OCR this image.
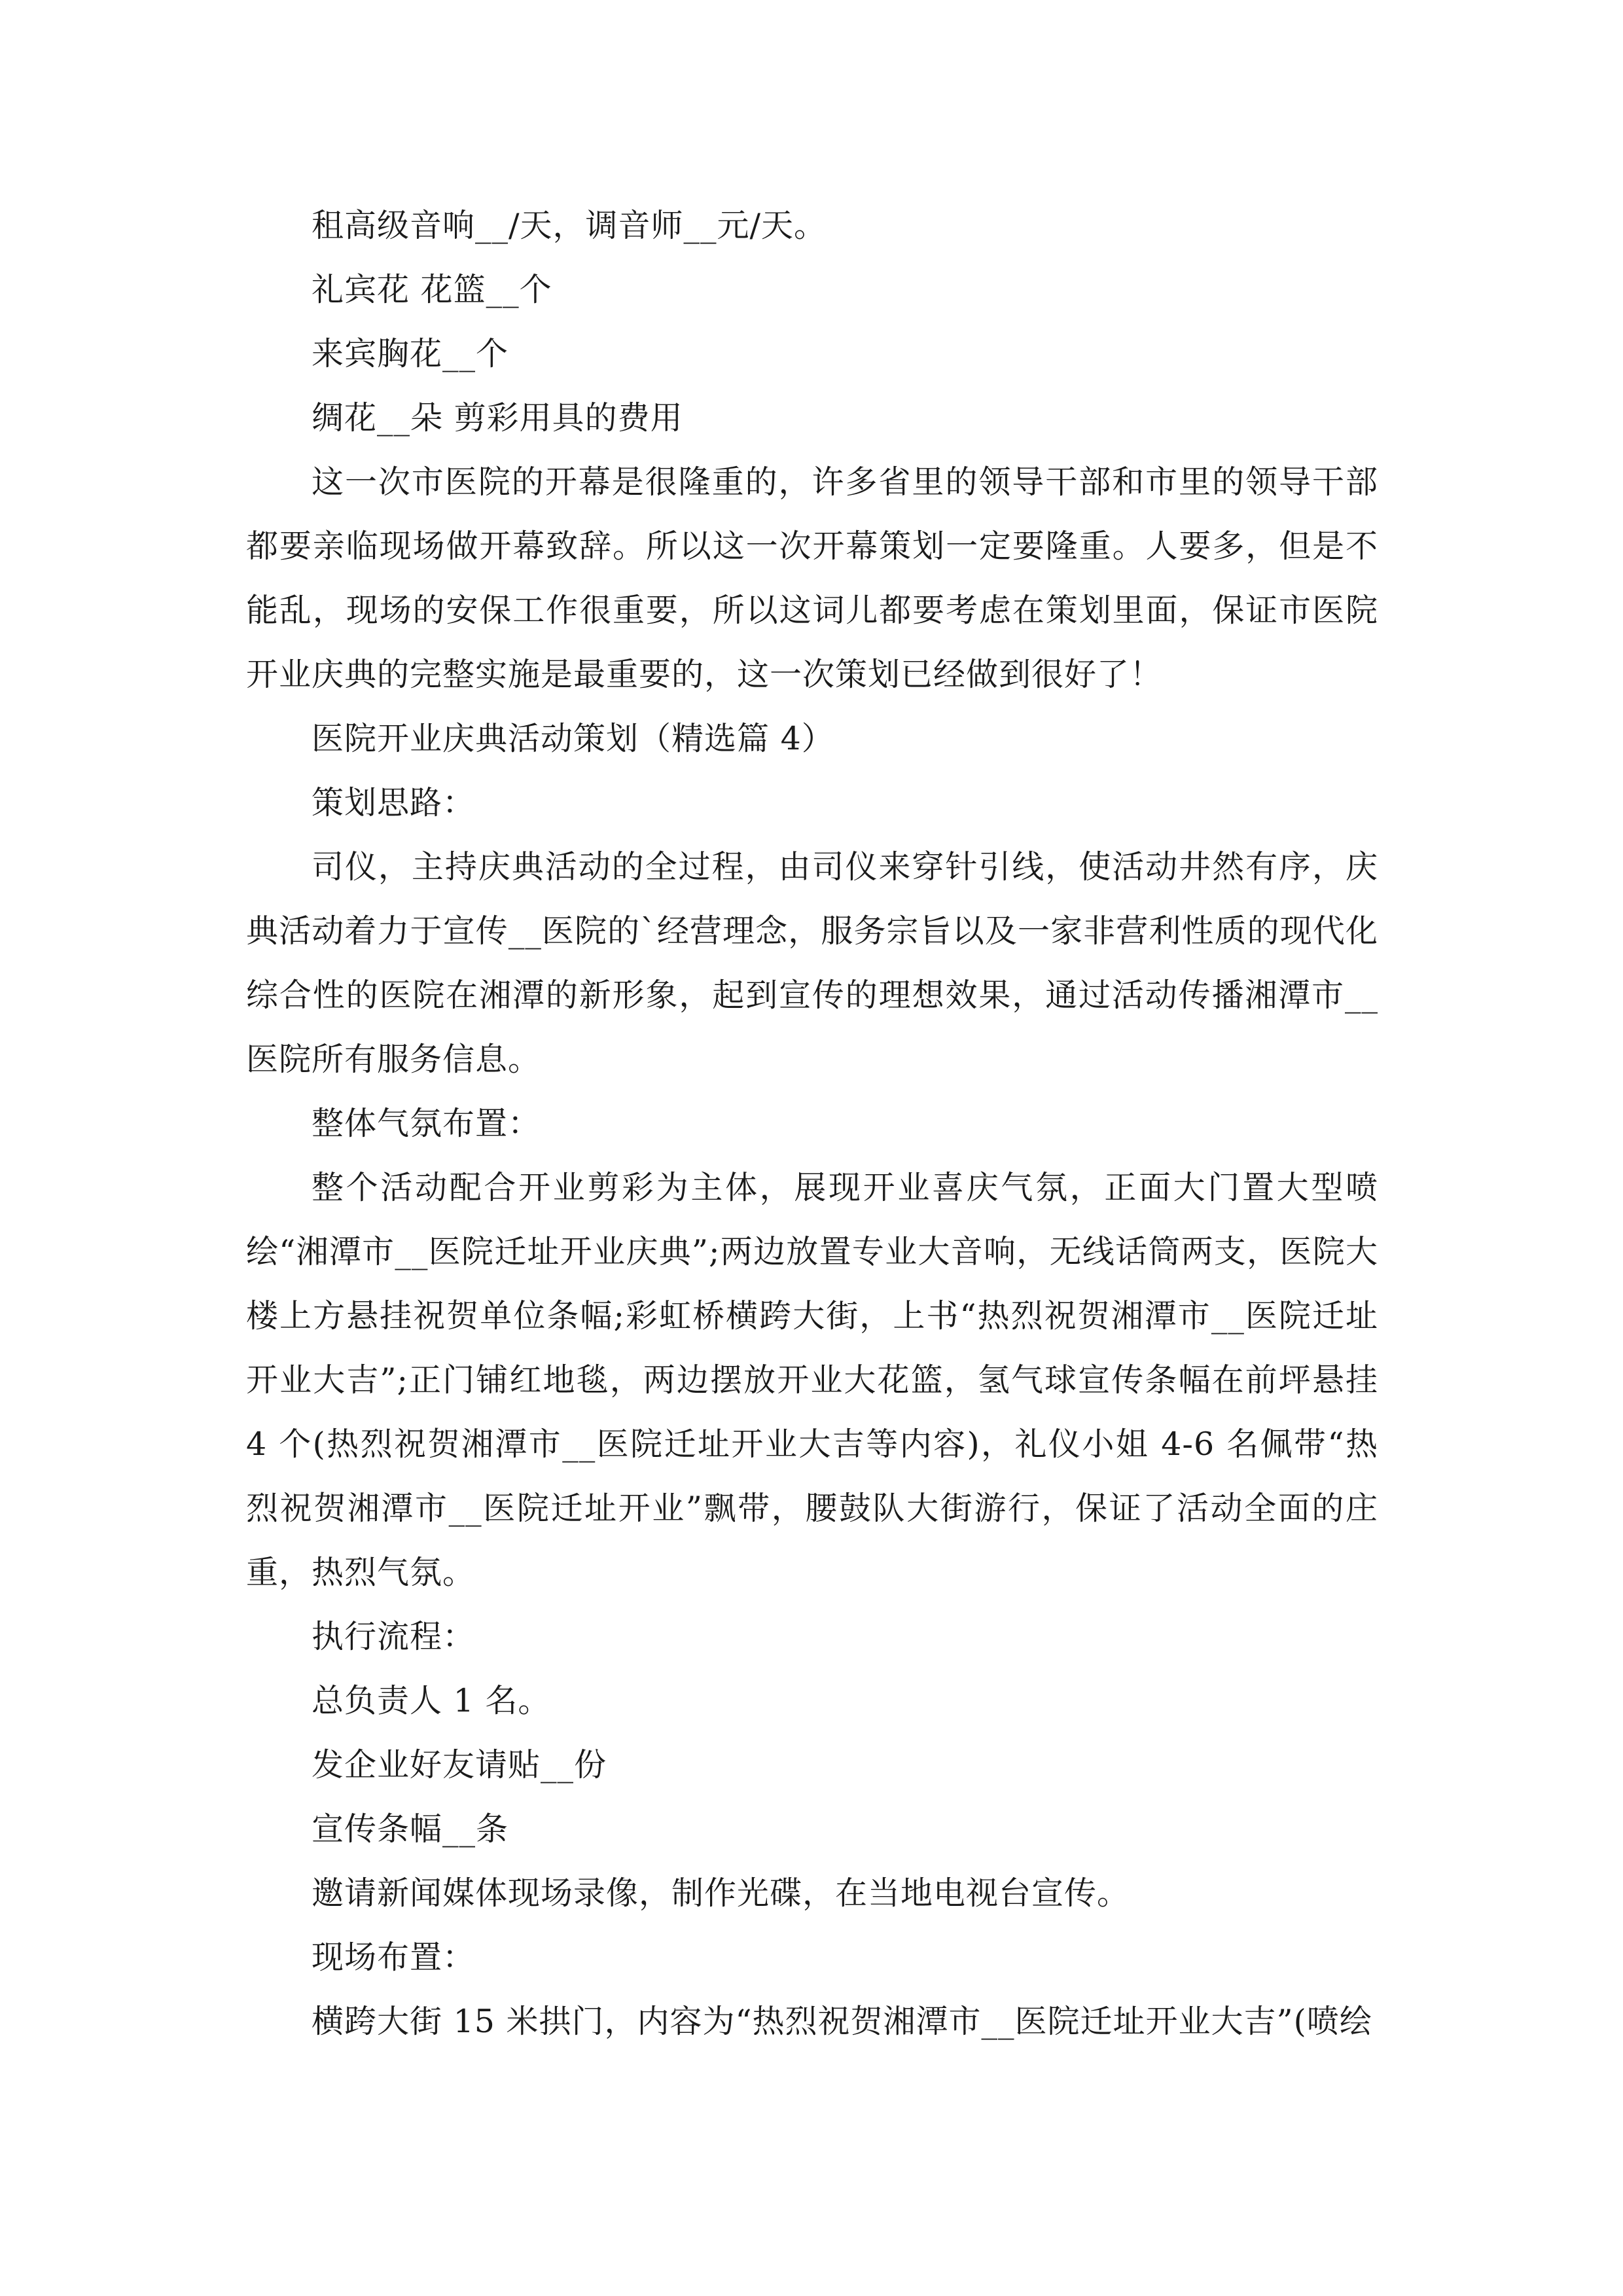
租高级音响__/天，调音师__元/天。

礼宾花 花篮__个

来宾胸花__个

绸花__朵 剪彩用具的费用

这一次市医院的开幕是很隆重的，许多省里的领导干部和市里的领导干部都要亲临现场做开幕致辞。所以这一次开幕策划一定要隆重。人要多，但是不能乱，现场的安保工作很重要，所以这词儿都要考虑在策划里面，保证市医院开业庆典的完整实施是最重要的，这一次策划已经做到很好了！

医院开业庆典活动策划（精选篇 4）

策划思路：

司仪，主持庆典活动的全过程，由司仪来穿针引线，使活动井然有序，庆典活动着力于宣传__医院的`经营理念，服务宗旨以及一家非营利性质的现代化综合性的医院在湘潭的新形象，起到宣传的理想效果，通过活动传播湘潭市__医院所有服务信息。

整体气氛布置：

整个活动配合开业剪彩为主体，展现开业喜庆气氛，正面大门置大型喷绘“湘潭市__医院迁址开业庆典”;两边放置专业大音响，无线话筒两支，医院大楼上方悬挂祝贺单位条幅;彩虹桥横跨大街，上书“热烈祝贺湘潭市__医院迁址开业大吉”;正门铺红地毯，两边摆放开业大花篮，氢气球宣传条幅在前坪悬挂 4 个(热烈祝贺湘潭市__医院迁址开业大吉等内容)，礼仪小姐 4-6 名佩带“热烈祝贺湘潭市__医院迁址开业”飘带，腰鼓队大街游行，保证了活动全面的庄重，热烈气氛。

执行流程：

总负责人 1 名。

发企业好友请贴__份

宣传条幅__条

邀请新闻媒体现场录像，制作光碟，在当地电视台宣传。

现场布置：

横跨大街 15 米拱门，内容为“热烈祝贺湘潭市__医院迁址开业大吉”(喷绘
